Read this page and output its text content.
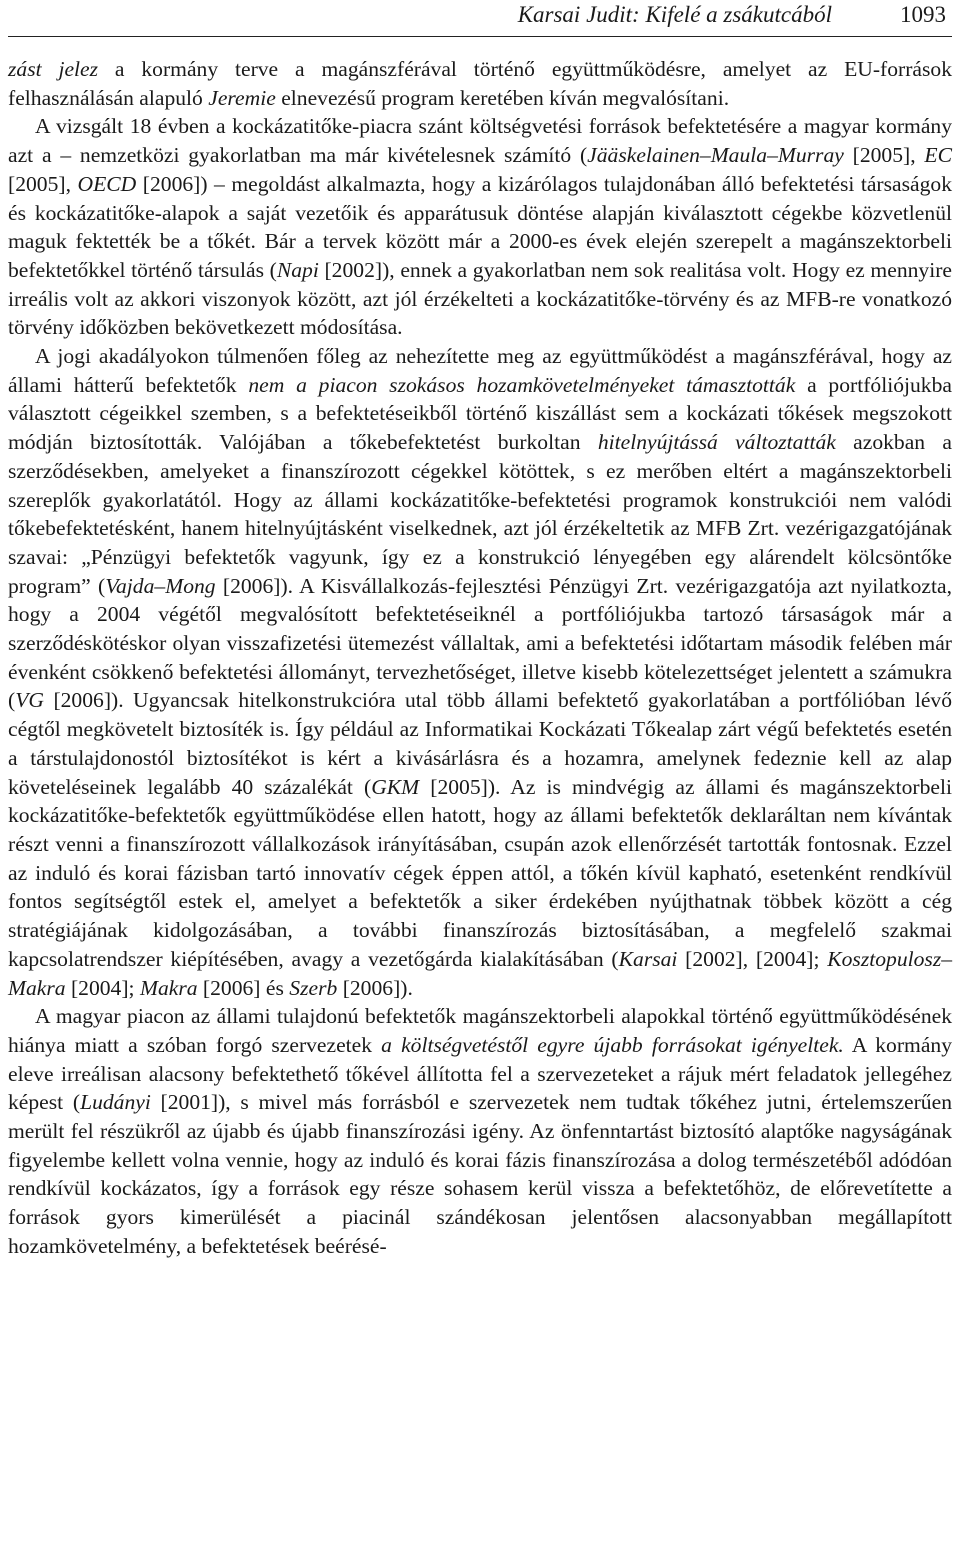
Karsai Judit: Kifelé a zsákutcából	1093

zást jelez a kormány terve a magánszférával történő együttműködésre, amelyet az EU-források felhasználásán alapuló Jeremie elnevezésű program keretében kíván megvalósítani.

A vizsgált 18 évben a kockázatitőke-piacra szánt költségvetési források befektetésére a magyar kormány azt a – nemzetközi gyakorlatban ma már kivételesnek számító (Jääskelainen–Maula–Murray [2005], EC [2005], OECD [2006]) – megoldást alkalmazta, hogy a kizárólagos tulajdonában álló befektetési társaságok és kockázatitőke-alapok a saját vezetőik és apparátusuk döntése alapján kiválasztott cégekbe közvetlenül maguk fektették be a tőkét. Bár a tervek között már a 2000-es évek elején szerepelt a magánszektorbeli befektetőkkel történő társulás (Napi [2002]), ennek a gyakorlatban nem sok realitása volt. Hogy ez mennyire irreális volt az akkori viszonyok között, azt jól érzékelteti a kockázatitőke-törvény és az MFB-re vonatkozó törvény időközben bekövetkezett módosítása.

A jogi akadályokon túlmenően főleg az nehezítette meg az együttműködést a magánszférával, hogy az állami hátterű befektetők nem a piacon szokásos hozamkövetelményeket támasztották a portfóliójukba választott cégeikkel szemben, s a befektetéseikből történő kiszállást sem a kockázati tőkések megszokott módján biztosították. Valójában a tőkebefektetést burkoltan hitelnyújtássá változtatták azokban a szerződésekben, amelyeket a finanszírozott cégekkel kötöttek, s ez merőben eltért a magánszektorbeli szereplők gyakorlatától. Hogy az állami kockázatitőke-befektetési programok konstrukciói nem valódi tőkebefektetésként, hanem hitelnyújtásként viselkednek, azt jól érzékeltetik az MFB Zrt. vezérigazgatójának szavai: „Pénzügyi befektetők vagyunk, így ez a konstrukció lényegében egy alárendelt kölcsöntőke program” (Vajda–Mong [2006]). A Kisvállalkozás-fejlesztési Pénzügyi Zrt. vezérigazgatója azt nyilatkozta, hogy a 2004 végétől megvalósított befektetéseiknél a portfóliójukba tartozó társaságok már a szerződéskötéskor olyan visszafizetési ütemezést vállaltak, ami a befektetési időtartam második felében már évenként csökkenő befektetési állományt, tervezhetőséget, illetve kisebb kötelezettséget jelentett a számukra (VG [2006]). Ugyancsak hitelkonstrukcióra utal több állami befektető gyakorlatában a portfólióban lévő cégtől megkövetelt biztosíték is. Így például az Informatikai Kockázati Tőkealap zárt végű befektetés esetén a társtulajdonostól biztosítékot is kért a kivásárlásra és a hozamra, amelynek fedeznie kell az alap követeléseinek legalább 40 százalékát (GKM [2005]). Az is mindvégig az állami és magánszektorbeli kockázatitőke-befektetők együttműködése ellen hatott, hogy az állami befektetők deklaráltan nem kívántak részt venni a finanszírozott vállalkozások irányításában, csupán azok ellenőrzését tartották fontosnak. Ezzel az induló és korai fázisban tartó innovatív cégek éppen attól, a tőkén kívül kapható, esetenként rendkívül fontos segítségtől estek el, amelyet a befektetők a siker érdekében nyújthatnak többek között a cég stratégiájának kidolgozásában, a további finanszírozás biztosításában, a megfelelő szakmai kapcsolatrendszer kiépítésében, avagy a vezetőgárda kialakításában (Karsai [2002], [2004]; Kosztopulosz–Makra [2004]; Makra [2006] és Szerb [2006]).

A magyar piacon az állami tulajdonú befektetők magánszektorbeli alapokkal történő együttműködésének hiánya miatt a szóban forgó szervezetek a költségvetéstől egyre újabb forrásokat igényeltek. A kormány eleve irreálisan alacsony befektethető tőkével állította fel a szervezeteket a rájuk mért feladatok jellegéhez képest (Ludányi [2001]), s mivel más forrásból e szervezetek nem tudtak tőkéhez jutni, értelemszerűen merült fel részükről az újabb és újabb finanszírozási igény. Az önfenntartást biztosító alaptőke nagyságának figyelembe kellett volna vennie, hogy az induló és korai fázis finanszírozása a dolog természetéből adódóan rendkívül kockázatos, így a források egy része sohasem kerül vissza a befektetőhöz, de előrevetítette a források gyors kimerülését a piacinál szándékosan jelentősen alacsonyabban megállapított hozamkövetelmény, a befektetések beérésé-
